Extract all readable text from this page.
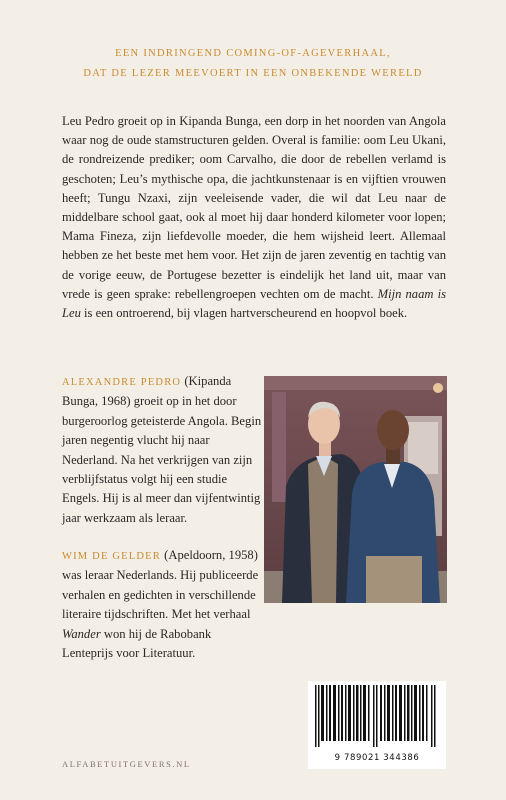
EEN INDRINGEND COMING-OF-AGEVERHAAL,
DAT DE LEZER MEEVOERT IN EEN ONBEKENDE WERELD
Leu Pedro groeit op in Kipanda Bunga, een dorp in het noorden van Angola waar nog de oude stamstructuren gelden. Overal is familie: oom Leu Ukani, de rondreizende prediker; oom Carvalho, die door de rebellen verlamd is geschoten; Leu’s mythische opa, die jachtkunstenaar is en vijftien vrouwen heeft; Tungu Nzaxi, zijn veeleisende vader, die wil dat Leu naar de middelbare school gaat, ook al moet hij daar honderd kilometer voor lopen; Mama Fineza, zijn liefdevolle moeder, die hem wijsheid leert. Allemaal hebben ze het beste met hem voor. Het zijn de jaren zeventig en tachtig van de vorige eeuw, de Portugese bezetter is eindelijk het land uit, maar van vrede is geen sprake: rebellengroepen vechten om de macht. Mijn naam is Leu is een ontroerend, bij vlagen hartverscheurend en hoopvol boek.
ALEXANDRE PEDRO (Kipanda Bunga, 1968) groeit op in het door burgeroorlog geteisterde Angola. Begin jaren negentig vlucht hij naar Nederland. Na het verkrijgen van zijn verblijfstatus volgt hij een studie Engels. Hij is al meer dan vijfentwintig jaar werkzaam als leraar.
WIM DE GELDER (Apeldoorn, 1958) was leraar Nederlands. Hij publiceerde verhalen en gedichten in verschillende literaire tijdschriften. Met het verhaal Wander won hij de Rabobank Lenteprijs voor Literatuur.
9 789021 344386
ALFABETUITGEVERS.NL
